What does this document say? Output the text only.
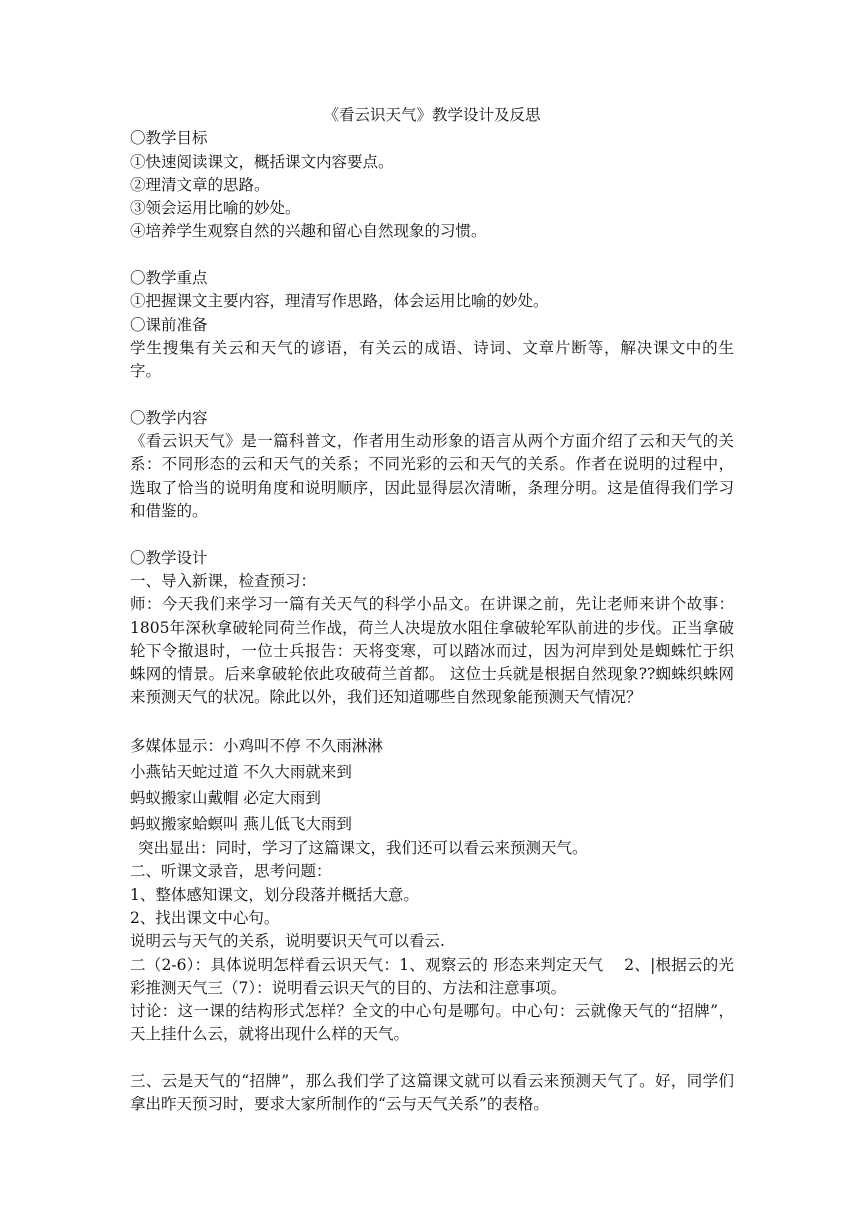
《看云识天气》教学设计及反思

〇教学目标

①快速阅读课文，概括课文内容要点。

②理清文章的思路。

③领会运用比喻的妙处。

④培养学生观察自然的兴趣和留心自然现象的习惯。

〇教学重点

①把握课文主要内容，理清写作思路，体会运用比喻的妙处。

〇课前准备

学生搜集有关云和天气的谚语，有关云的成语、诗词、文章片断等，解决课文中的生字。

〇教学内容

《看云识天气》是一篇科普文，作者用生动形象的语言从两个方面介绍了云和天气的关系：不同形态的云和天气的关系；不同光彩的云和天气的关系。作者在说明的过程中，选取了恰当的说明角度和说明顺序，因此显得层次清晰，条理分明。这是值得我们学习和借鉴的。

〇教学设计

一、导入新课，检查预习：

师：今天我们来学习一篇有关天气的科学小品文。在讲课之前，先让老师来讲个故事：1805年深秋拿破轮同荷兰作战，荷兰人决堤放水阻住拿破轮军队前进的步伐。正当拿破轮下令撤退时，一位士兵报告：天将变寒，可以踏冰而过，因为河岸到处是蜘蛛忙于织蛛网的情景。后来拿破轮依此攻破荷兰首都。 这位士兵就是根据自然现象??蜘蛛织蛛网来预测天气的状况。除此以外，我们还知道哪些自然现象能预测天气情况？

多媒体显示：小鸡叫不停 不久雨淋淋

小燕钻天蛇过道 不久大雨就来到

蚂蚁搬家山戴帽 必定大雨到

蚂蚁搬家蛤螟叫 燕儿低飞大雨到

突出显出：同时，学习了这篇课文，我们还可以看云来预测天气。

二、听课文录音，思考问题：

1、整体感知课文，划分段落并概括大意。

2、找出课文中心句。

说明云与天气的关系，说明要识天气可以看云.

二（2-6）：具体说明怎样看云识天气：1、观察云的 形态来判定天气　 2、|根据云的光彩推测天气三（7）：说明看云识天气的目的、方法和注意事项。

讨论：这一课的结构形式怎样？全文的中心句是哪句。中心句：云就像天气的“招牌”，天上挂什么云，就将出现什么样的天气。

三、云是天气的“招牌”，那么我们学了这篇课文就可以看云来预测天气了。好，同学们拿出昨天预习时，要求大家所制作的“云与天气关系”的表格。
